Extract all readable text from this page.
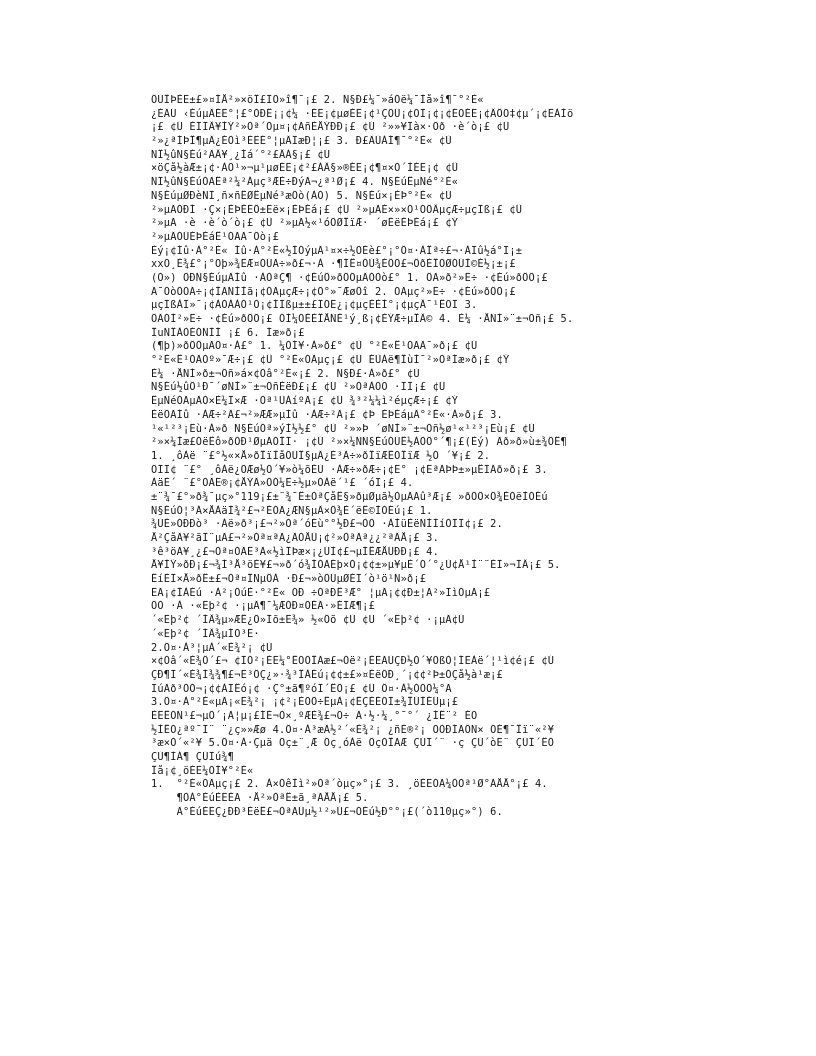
ÔÚÎÞÈË±£»¤ÍÅ²»×öÎ£ÏÕ»î¶¯¡£ 2. Ñ§Ð£¼¯»áÓë¼¯Ìå»î¶¯°²È«
¿ÉÄÜ ‹ÉúµÄÉË°¦£°ÓÐÊ¡¡¢¼ ·ÉË¡¢µøÉË¡¢¹ÇÕÛ¡¢ÕÏ¡¢¡¢ÉÕÉË¡¢ÂÔÕ‡¢µ´¡¢ËÀÍö
¡£ ¢Ù ÉÏÏÂ¥ÌÝ²»Òª´Óµ¤¡¢ÃñÈÅÝÐÐ¡£ ¢Ú ²»»¥Ïà×·Öð ·è´ò¡£ ¢Û
²»¿ªÍÞÎ¶µÄ¿ÉÒì³ÉËÉ°¦µÄÏæÐ¦¡£ 3. Ð£ÄÚÁÍ¶¯°²È« ¢Ù
ÑÎ½ûÑ§Éú²ÃÂ¥¸¿Íá´°²£ÂÀ§¡£ ¢Ú
×öÇå½àÆ±¡¢·ÀÖ¹»¬µ¹µøÉË¡¢²£ÁÂ§»®ÉË¡¢¶¤×Ó´ÌÉË¡¢ ¢Û
ÑÏ½ûÑ§ÉúÓÃÊª²¼²Áµç³ÆÈ÷ÐýÃ¬¿ª¹Ø¡£ 4. Ñ§ÉúÊµÑé°²È«
Ñ§ÉúµØÐèÑÏ¸ñ×ñÊØÊµÑé³æÔò(ÀÒ) 5. Ñ§Éú×¡ÈÞ°²È« ¢Ù
²»µÄÓÐÍ ·Ç×¡ÈÞÈËÔ±Ëë×¡ÈÞÉá¡£ ¢Ú ²»µÃÈ×»×Ó¹ÓÔÂµçÆ÷µçÏß¡£ ¢Û
²»µÃ ·è ·è´ò´ò¡£ ¢Ü ²»µÃ½«¹óÖØÎïÆ· ´øÈëÈÞÉá¡£ ¢Ý
²»µÄÓÚÈÞÉáÊ¹ÓÃÃ¯Öò¡£
Èý¡¢Íû·À°²È« Íû·À°²È«½ÌÓýµÄ¹¤×÷½ÕÉè£°¡°Ô¤·ÀÎª÷£¬·ÀÏû½á°Ï¡±
xxÖ¸È¾£°¡°Õþ»¾ËÆ¤ÓÚÃ÷»ð£¬·À ·¶ÍÊ¤ÓÚ¾ÉÔÖ£¬ÔðÈÎÖØÓÚÌ©É½¡±¡£
(Ò») ÖÐÑ§ÉúµÄÍû ·ÀÒªÇ¶ ·¢ÉúÔ»ðÔÖµÄÓÒò£° 1. ÔÃ»ð²»Ë÷ ·¢Éú»ðÔÖ¡£
Ã¯ÖòÖÕÃ÷¡¢ÍÃÑÌÌã¡¢ÓÃµçÆ÷¡¢Ö°»¯ÆøÔî 2. ÓÃµç²»Ë÷ ·¢Éú»ðÔÖ¡£
µçÏßÀÏ»¯¡¢ÀÒÀÀÒ¹Ó¡¢ÍÏßµ±±£ÏÕË¿¡¢µçÈÈÌ°¡¢µçÂ¯¹ÊÕÏ 3.
ÔÃÓÍ²»Ë÷ ·¢Éú»ðÔÖ¡£ ÓÍ¼ÓÈÈÎÅÑÈ¹ý¸ß¡¢ÈÝÆ÷µÎÂ© 4. È¼ ·ÅÑÌ»¨±¬Öñ¡£ 5.
ÎuÑÎÀÒÈÓÑÌÍ ¡£ 6. Íæ»ð¡£
(¶þ)»ðÔÖµÄÔ¤·À£° 1. ¼ÒÍ¥·À»ð£° ¢Ù °²È«Ê¹ÓÃÃ¯»ð¡£ ¢Ú
°²È«Ê¹ÓÃÒº»¯Æ÷¡£ ¢Û °²È«ÓÃµç¡£ ¢Ü ÉÙÀë¶ÎùÍ¯²»ÒªÍæ»ð¡£ ¢Ý
È¼ ·ÅÑÌ»ð±¬Öñ»á×¢Òâ°²È«¡£ 2. Ñ§Ð£·À»ð£° ¢Ù
Ñ§Éú½ûÖ¹Ð¯´øÑÌ»¨±¬ÖñÈëÐ£¡£ ¢Ú ²»ÒªÀÖÕ ·ÏÏ¡£ ¢Û
ÊµÑéÓÃµÄÒ×È¼Ï×Æ ·Òª¹ÜÀíºÃ¡£ ¢Ü ¾³²¼¼ì²éµçÆ÷¡£ ¢Ý
ÈëÖÃÍû ·ÀÆ÷²Ä£¬²»ÆÆ»µÍû ·ÀÆ÷²Ä¡£ ¢Þ ÈÞÉáµÄ°²È«·À»ð¡£ 3.
¹«¹²³¡Ëù·À»ð Ñ§ÉúÒª»ýÌ½½£° ¢Ù ²»»Þ ´øÑÌ»¨±¬Öñ½ø¹«¹²³¡Ëù¡£ ¢Ú
²»×¼Ìæ£ÓëÊô»ðÓÐ¹ØµÄÓÎÏ· ¡¢Ú ²»×¼ÑÑ§ÉúÓÚÊ½ÀÒÖ°´¶¡£(Èý) Ãð»ð»ù±¾ÔÊ¶
1. ¸ôÀë ¨£°½«×Å»ðÎïÌåÖÜÎ§µÄ¿É³Ã÷»ðÎïÆÊÕÎïÆ ½Ó ´¥¡£ 2.
ÖÏÏ¢ ¨£° ¸ôÀë¿ÕÆø½Ó´¥»ò¼õÉÙ ·ÀÆ÷»ðÆ÷¡¢Ë° ¡¢ËªÃÞÞ±»µÊÏÄð»ð¡£ 3.
ÀäÈ´ ¨£°ÓÃË®¡¢ÅÝÄ»ÖÓ¼Ë÷½µ»ÒÀë´¹£ ´óÏ¡£ 4.
±¨¾¯£°»ð¾¯µç»°119¡£±¨¾¯Ê±ÒªÇåÊ§»ðµØµã½ÒµÄÃû³Æ¡£ »ðÔÖ×Ô¾ÈÓëÌÓÉú
Ñ§ÉúÓ¦³Á×ÅÀäÌ¾²£¬²ÉÓÃ¿ÆÑ§µÄ×Ô¾È´ëÊ©ÌÓÉú¡£ 1.
¾ÙÈ»ÓÐÐò³ ·Àë»ð³¡£¬²»Òª´óÉù°°½Ð£¬ÒÒ ·ÀÌüÈëÑÌÌíÓÏÏ¢¡£ 2.
Å²ÇåÃ¥²ãÏ¨µÄ£¬²»Òª¤ªÄ¿ÃÒÅÜ¡¢²»ÒªÃª¿¿²ªÄÅ¡£ 3.
³ê³öÃ¥¸¿£¬Òª¤ÓÃË³Ã«½ìÏÞæ×¡¿ÚÌ¢£¬µÍÊÆÅÜÐÐ¡£ 4.
Å¥ÌÝ»ðÐ¡£¬¾Í³Å³öÈ¥£¬»ð´ó¾ÍÓÃÉþ×Ó¡¢¢±»µ¥µÈ´Ó´°¿Ú¢Å¹Ì¨¨ÉÏ»¬ÏÂ¡£ 5.
ÊíÈÏ×Å»ðÊ±£¬Òª¤ÎÑµÔÀ ·Ð£¬»òÔÚµØÉÏ´ò¹ö¹Ñ»ð¡£
ËÄ¡¢ÌÀÉú ·À²¡ÔúÈ·°²È« ÓÐ ÷ÒªÐÊ³Æ° ¦µÄ¡¢¢Ð±¦Ã²»ÏìÓµÄ¡£
ÖÒ ·À ·«Ëþ²¢ ·¡µÄ¶¯¼ÆÓÐ¤ÕÉÄ·»ÉÏÆ¶¡£
´«Ëþ²¢ ´ÍÂ¾µ»ÆÊ¿Ö»Ïõ±Ë¾» ½«Ôõ ¢Ù ¢Ù ´«Ëþ²¢ ·¡µÄ¢Ú
´«Ëþ²¢ ´ÍÂ¾µÍÕ³Ë·
2.Ô¤·À³¦µÀ´«È¾²¡ ¢Ù
×¢Òâ´«È¾Ô´£¬ ¢ÏÓ²¡ÈË¼°ÊÕÖÎÃæ£¬Óë²¡ÈËÃÜÇÐ½Ó´¥ÕßÓ¦ÍËÀë´¦¹ì¢é¡£ ¢Ú
ÇÐ¶Ï´«È¾Í¾¾¶£¬Ë³ÔÇ¿»·¾³ÎÀÉú¡¢¢±£»¤ÈëÖÐ¸´¡¢¢²Þ±ÓÇå½à¹æ¡£
ÏúÃð³ÓÓ¬¡¢¢ÀÏÊó¡¢ ·Ç°±ã¶ºóÏ´ÊÖ¡£ ¢Û Ô¤·À½ÓÖÖ¼°Ã
3.Ô¤·À°²È«µÄ¡«Ë¾²¡ ¡¢²¡ÈÕÖ÷ÊµÄ¡¢ÊÇÈÉÕÏ±¾ÎÚÌÉÜµ¡£
ÈËÊÓÑ¹£¬µÖ´¡Ã¦µ¡£ÍÉ¬Ò×¸ºÆÈ¾£¬Õ÷ Ã·½·¼¸°¯°´ ¿ÍÊ¨² ÉÕ
½ÍÊÓ¿ªº¯Ï¨ ¨¿ç»»Æø 4.Ô¤·À³æÃ½²´«È¾²¡ ¿ñÈ®²¡ ÒÒÐÍÄÔÑ× ÓÉ¶¯Îï¨«²¥
³æ×Ó´«²¥ 5.Ô¤·À·Çµä Öç±¨¸Æ Öç¸óÀë ÖçÓÎÃÆ ÇÚÏ´¨ ·ç ÇÚ´òË¨ ÇÚÏ´ÊÖ
ÇÚ¶ÍÁ¶ ÇÚÏú¾¶
Îå¡¢¸öÈË¼ÒÍ¥°²È«
1.  °²È«ÓÃµç¡£ 2. À×ÓêÌì²»Òª´òµç»°¡£ 3. ¸öÈËÓÃ¼ÒÒª¹Ø°ÃÅÅ°¡£ 4.
¶ÒÀ°ÉúÈËÈÃ ·Å²»ÒªÊ±ã¸ªÃÅÅ¡£ 5.
Ä°ÉúÈËÇ¿ÐÐ³ÈëÊ£¬ÒªÃÜµ½¹²»Ú£¬ÓÉú½Ð°°¡£(´ò110µç»°) 6.
